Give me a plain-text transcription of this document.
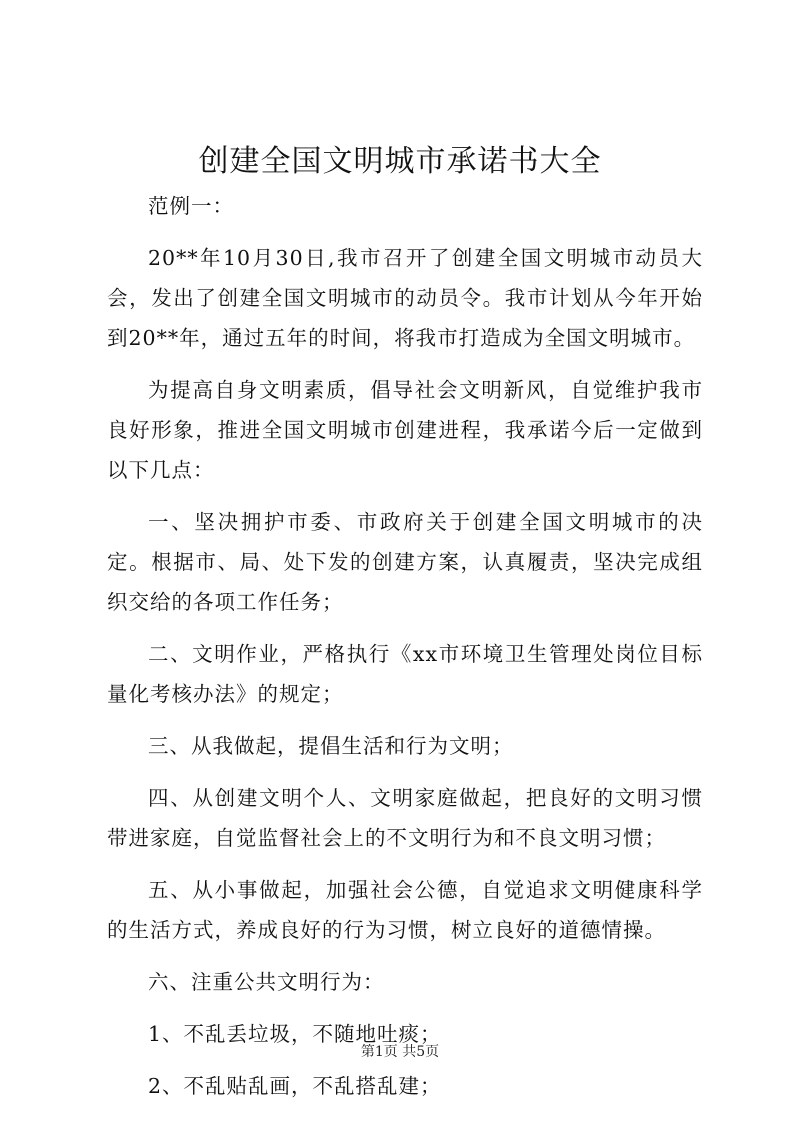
创建全国文明城市承诺书大全

范例一：

20**年10月30日,我市召开了创建全国文明城市动员大会，发出了创建全国文明城市的动员令。我市计划从今年开始到20**年，通过五年的时间，将我市打造成为全国文明城市。

为提高自身文明素质，倡导社会文明新风，自觉维护我市良好形象，推进全国文明城市创建进程，我承诺今后一定做到以下几点：

一、坚决拥护市委、市政府关于创建全国文明城市的决定。根据市、局、处下发的创建方案，认真履责，坚决完成组织交给的各项工作任务；

二、文明作业，严格执行《xx市环境卫生管理处岗位目标量化考核办法》的规定；

三、从我做起，提倡生活和行为文明；

四、从创建文明个人、文明家庭做起，把良好的文明习惯带进家庭，自觉监督社会上的不文明行为和不良文明习惯；

五、从小事做起，加强社会公德，自觉追求文明健康科学的生活方式，养成良好的行为习惯，树立良好的道德情操。

六、注重公共文明行为：

1、不乱丢垃圾，不随地吐痰；

2、不乱贴乱画，不乱搭乱建；

第1页 共5页
